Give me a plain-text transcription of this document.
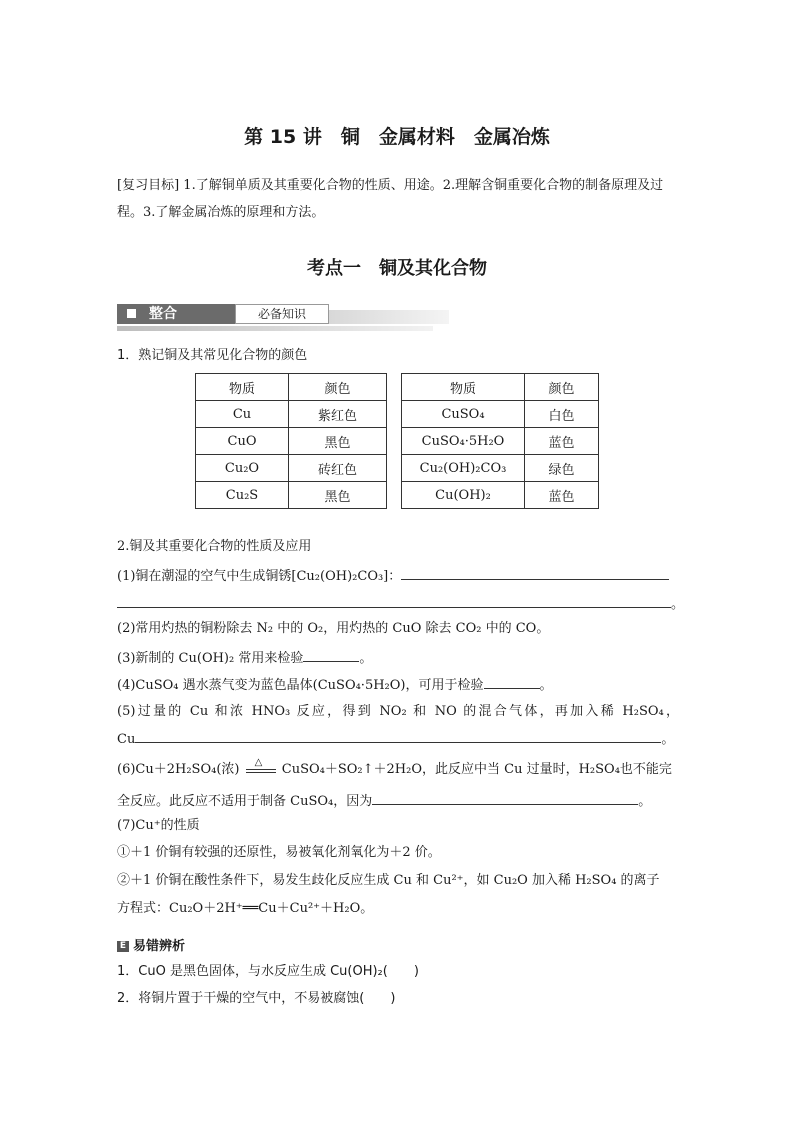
第 15 讲　铜　金属材料　金属冶炼
[复习目标] 1.了解铜单质及其重要化合物的性质、用途。2.理解含铜重要化合物的制备原理及过程。3.了解金属冶炼的原理和方法。
考点一　铜及其化合物
整合	必备知识
1．熟记铜及其常见化合物的颜色
物质	颜色
Cu	紫红色
CuO	黑色
Cu₂O	砖红色
Cu₂S	黑色
物质	颜色
CuSO₄	白色
CuSO₄·5H₂O	蓝色
Cu₂(OH)₂CO₃	绿色
Cu(OH)₂	蓝色
2.铜及其重要化合物的性质及应用
(1)铜在潮湿的空气中生成铜锈[Cu₂(OH)₂CO₃]：
。
(2)常用灼热的铜粉除去 N₂ 中的 O₂，用灼热的 CuO 除去 CO₂ 中的 CO。
(3)新制的 Cu(OH)₂ 常用来检验	。
(4)CuSO₄ 遇水蒸气变为蓝色晶体(CuSO₄·5H₂O)，可用于检验	。
(5)过量的 Cu 和浓 HNO₃ 反应，得到 NO₂ 和 NO 的混合气体，再加入稀 H₂SO₄，
Cu	。
(6)Cu＋2H₂SO₄(浓) △ CuSO₄＋SO₂↑＋2H₂O，此反应中当 Cu 过量时，H₂SO₄也不能完
全反应。此反应不适用于制备 CuSO₄，因为	。
(7)Cu⁺的性质
①＋1 价铜有较强的还原性，易被氧化剂氧化为＋2 价。
②＋1 价铜在酸性条件下，易发生歧化反应生成 Cu 和 Cu²⁺，如 Cu₂O 加入稀 H₂SO₄ 的离子
方程式：Cu₂O＋2H⁺══Cu＋Cu²⁺＋H₂O。
E 易错辨析
1．CuO 是黑色固体，与水反应生成 Cu(OH)₂(　　)
2．将铜片置于干燥的空气中，不易被腐蚀(　　)
